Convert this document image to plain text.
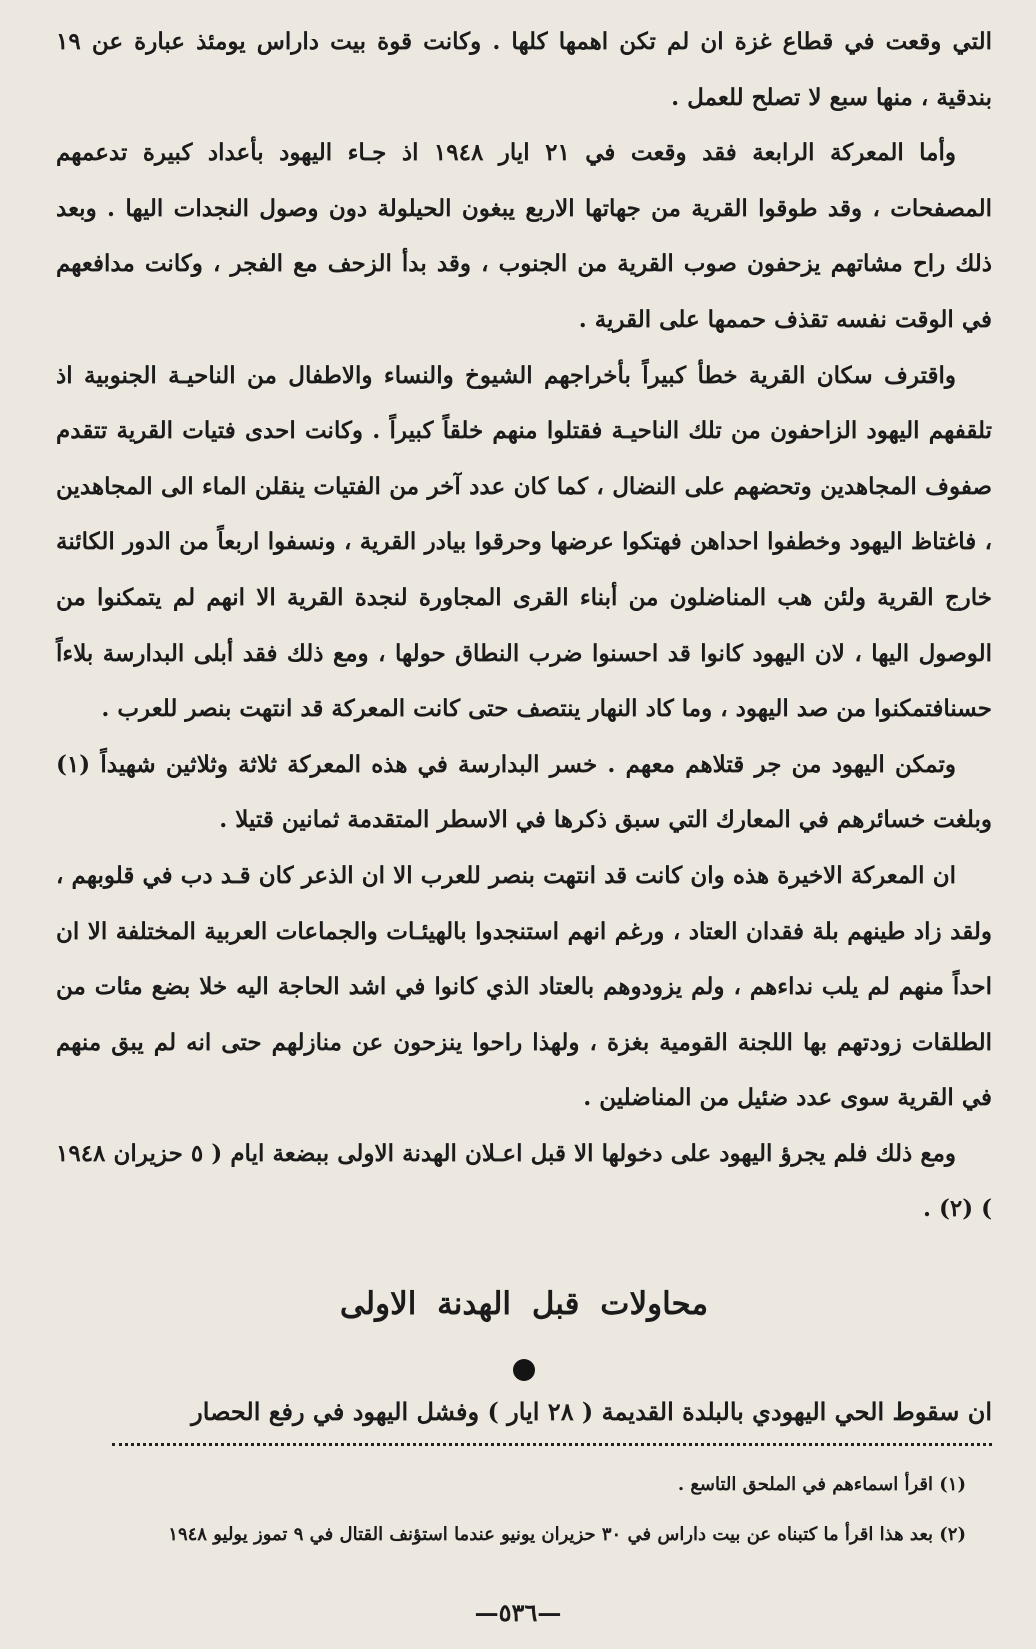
التي وقعت في قطاع غزة ان لم تكن اهمها كلها . وكانت قوة بيت داراس يومئذ عبارة عن ١٩ بندقية ، منها سبع لا تصلح للعمل .

وأما المعركة الرابعة فقد وقعت في ٢١ ايار ١٩٤٨ اذ جـاء اليهود بأعداد كبيرة تدعمهم المصفحات ، وقد طوقوا القرية من جهاتها الاربع يبغون الحيلولة دون وصول النجدات اليها . وبعد ذلك راح مشاتهم يزحفون صوب القرية من الجنوب ، وقد بدأ الزحف مع الفجر ، وكانت مدافعهم في الوقت نفسه تقذف حممها على القرية .

واقترف سكان القرية خطأ كبيراً بأخراجهم الشيوخ والنساء والاطفال من الناحيـة الجنوبية اذ تلقفهم اليهود الزاحفون من تلك الناحيـة فقتلوا منهم خلقاً كبيراً . وكانت احدى فتيات القرية تتقدم صفوف المجاهدين وتحضهم على النضال ، كما كان عدد آخر من الفتيات ينقلن الماء الى المجاهدين ، فاغتاظ اليهود وخطفوا احداهن فهتكوا عرضها وحرقوا بيادر القرية ، ونسفوا اربعاً من الدور الكائنة خارج القرية ولئن هب المناضلون من أبناء القرى المجاورة لنجدة القرية الا انهم لم يتمكنوا من الوصول اليها ، لان اليهود كانوا قد احسنوا ضرب النطاق حولها ، ومع ذلك فقد أبلى البدارسة بلاءاً حسنافتمكنوا من صد اليهود ، وما كاد النهار ينتصف حتى كانت المعركة قد انتهت بنصر للعرب .

وتمكن اليهود من جر قتلاهم معهم . خسر البدارسة في هذه المعركة ثلاثة وثلاثين شهيداً (١) وبلغت خسائرهم في المعارك التي سبق ذكرها في الاسطر المتقدمة ثمانين قتيلا .

ان المعركة الاخيرة هذه وان كانت قد انتهت بنصر للعرب الا ان الذعر كان قـد دب في قلوبهم ، ولقد زاد طينهم بلة فقدان العتاد ، ورغم انهم استنجدوا بالهيئـات والجماعات العربية المختلفة الا ان احداً منهم لم يلب نداءهم ، ولم يزودوهم بالعتاد الذي كانوا في اشد الحاجة اليه خلا بضع مئات من الطلقات زودتهم بها اللجنة القومية بغزة ، ولهذا راحوا ينزحون عن منازلهم حتى انه لم يبق منهم في القرية سوى عدد ضئيل من المناضلين .

ومع ذلك فلم يجرؤ اليهود على دخولها الا قبل اعـلان الهدنة الاولى ببضعة ايام ( ٥ حزيران ١٩٤٨ ) (٢) .

محاولات قبل الهدنة الاولى
ان سقوط الحي اليهودي بالبلدة القديمة ( ٢٨ ايار ) وفشل اليهود في رفع الحصار

(١) اقرأ اسماءهم في الملحق التاسع .

(٢) بعد هذا اقرأ ما كتبناه عن بيت داراس في ٣٠ حزيران يونيو عندما استؤنف القتال في ٩ تموز يوليو ١٩٤٨

—٥٣٦—
